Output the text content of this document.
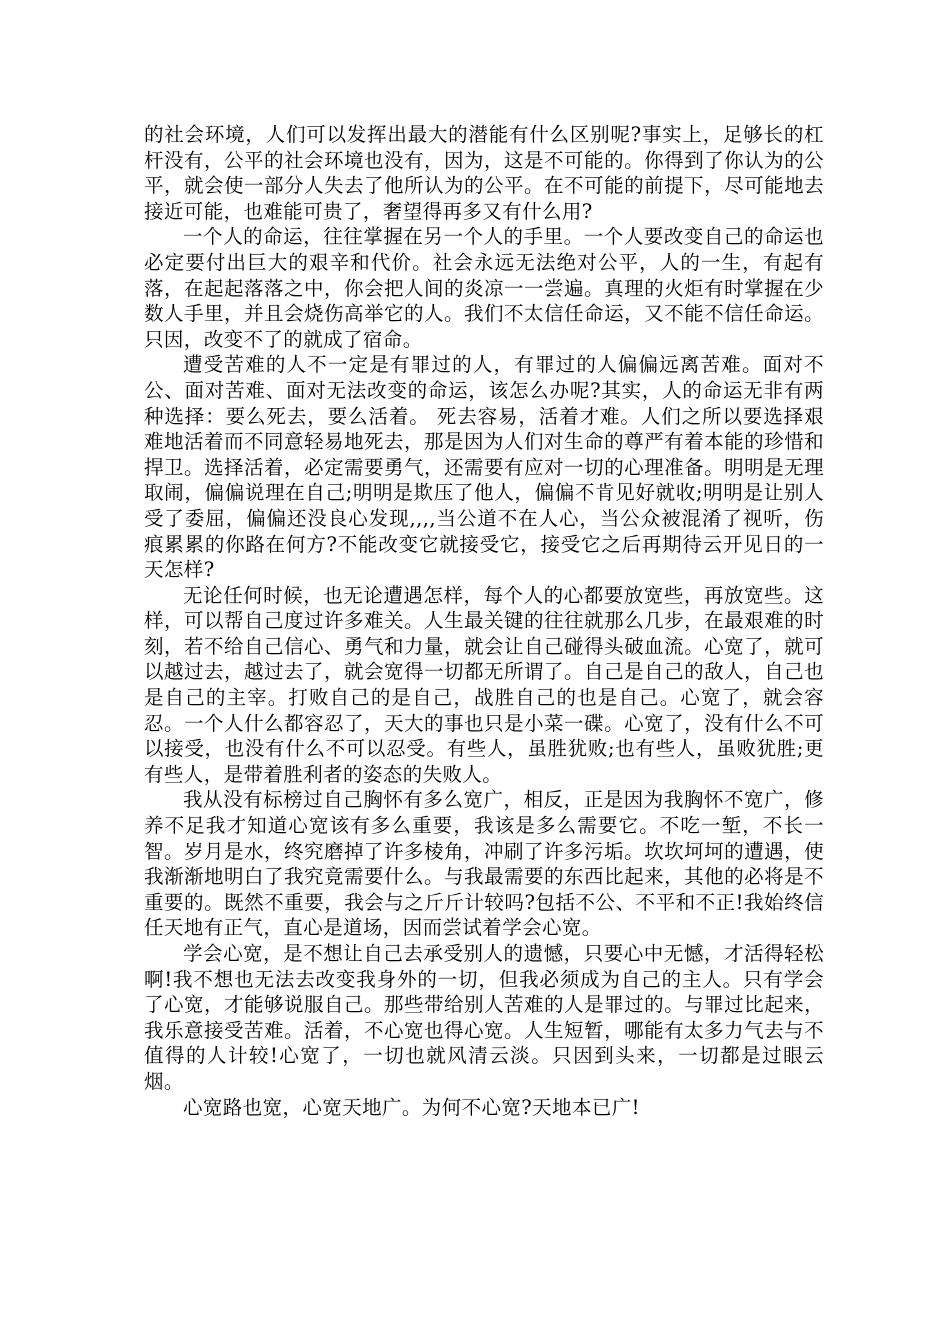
的社会环境，人们可以发挥出最大的潜能有什么区别呢?事实上，足够长的杠杆没有，公平的社会环境也没有，因为，这是不可能的。你得到了你认为的公平，就会使一部分人失去了他所认为的公平。在不可能的前提下，尽可能地去接近可能，也难能可贵了，奢望得再多又有什么用?

一个人的命运，往往掌握在另一个人的手里。一个人要改变自己的命运也必定要付出巨大的艰辛和代价。社会永远无法绝对公平，人的一生，有起有落，在起起落落之中，你会把人间的炎凉一一尝遍。真理的火炬有时掌握在少数人手里，并且会烧伤高举它的人。我们不太信任命运，又不能不信任命运。只因，改变不了的就成了宿命。

遭受苦难的人不一定是有罪过的人，有罪过的人偏偏远离苦难。面对不公、面对苦难、面对无法改变的命运，该怎么办呢?其实，人的命运无非有两种选择：要么死去，要么活着。 死去容易，活着才难。人们之所以要选择艰难地活着而不同意轻易地死去，那是因为人们对生命的尊严有着本能的珍惜和捍卫。选择活着，必定需要勇气，还需要有应对一切的心理准备。明明是无理取闹，偏偏说理在自己;明明是欺压了他人，偏偏不肯见好就收;明明是让别人受了委屈，偏偏还没良心发现,,,,当公道不在人心，当公众被混淆了视听，伤痕累累的你路在何方?不能改变它就接受它，接受它之后再期待云开见日的一天怎样?

无论任何时候，也无论遭遇怎样，每个人的心都要放宽些，再放宽些。这样，可以帮自己度过许多难关。人生最关键的往往就那么几步，在最艰难的时刻，若不给自己信心、勇气和力量，就会让自己碰得头破血流。心宽了，就可以越过去，越过去了，就会宽得一切都无所谓了。自己是自己的敌人，自己也是自己的主宰。打败自己的是自己，战胜自己的也是自己。心宽了，就会容忍。一个人什么都容忍了，天大的事也只是小菜一碟。心宽了，没有什么不可以接受，也没有什么不可以忍受。有些人，虽胜犹败;也有些人，虽败犹胜;更有些人，是带着胜利者的姿态的失败人。

我从没有标榜过自己胸怀有多么宽广，相反，正是因为我胸怀不宽广，修养不足我才知道心宽该有多么重要，我该是多么需要它。不吃一堑，不长一智。岁月是水，终究磨掉了许多棱角，冲刷了许多污垢。坎坎坷坷的遭遇，使我渐渐地明白了我究竟需要什么。与我最需要的东西比起来，其他的必将是不重要的。既然不重要，我会与之斤斤计较吗?包括不公、不平和不正!我始终信任天地有正气，直心是道场，因而尝试着学会心宽。

学会心宽，是不想让自己去承受别人的遗憾，只要心中无憾，才活得轻松啊!我不想也无法去改变我身外的一切，但我必须成为自己的主人。只有学会了心宽，才能够说服自己。那些带给别人苦难的人是罪过的。与罪过比起来，我乐意接受苦难。活着，不心宽也得心宽。人生短暂，哪能有太多力气去与不值得的人计较!心宽了，一切也就风清云淡。只因到头来，一切都是过眼云烟。

心宽路也宽，心宽天地广。为何不心宽?天地本已广!
